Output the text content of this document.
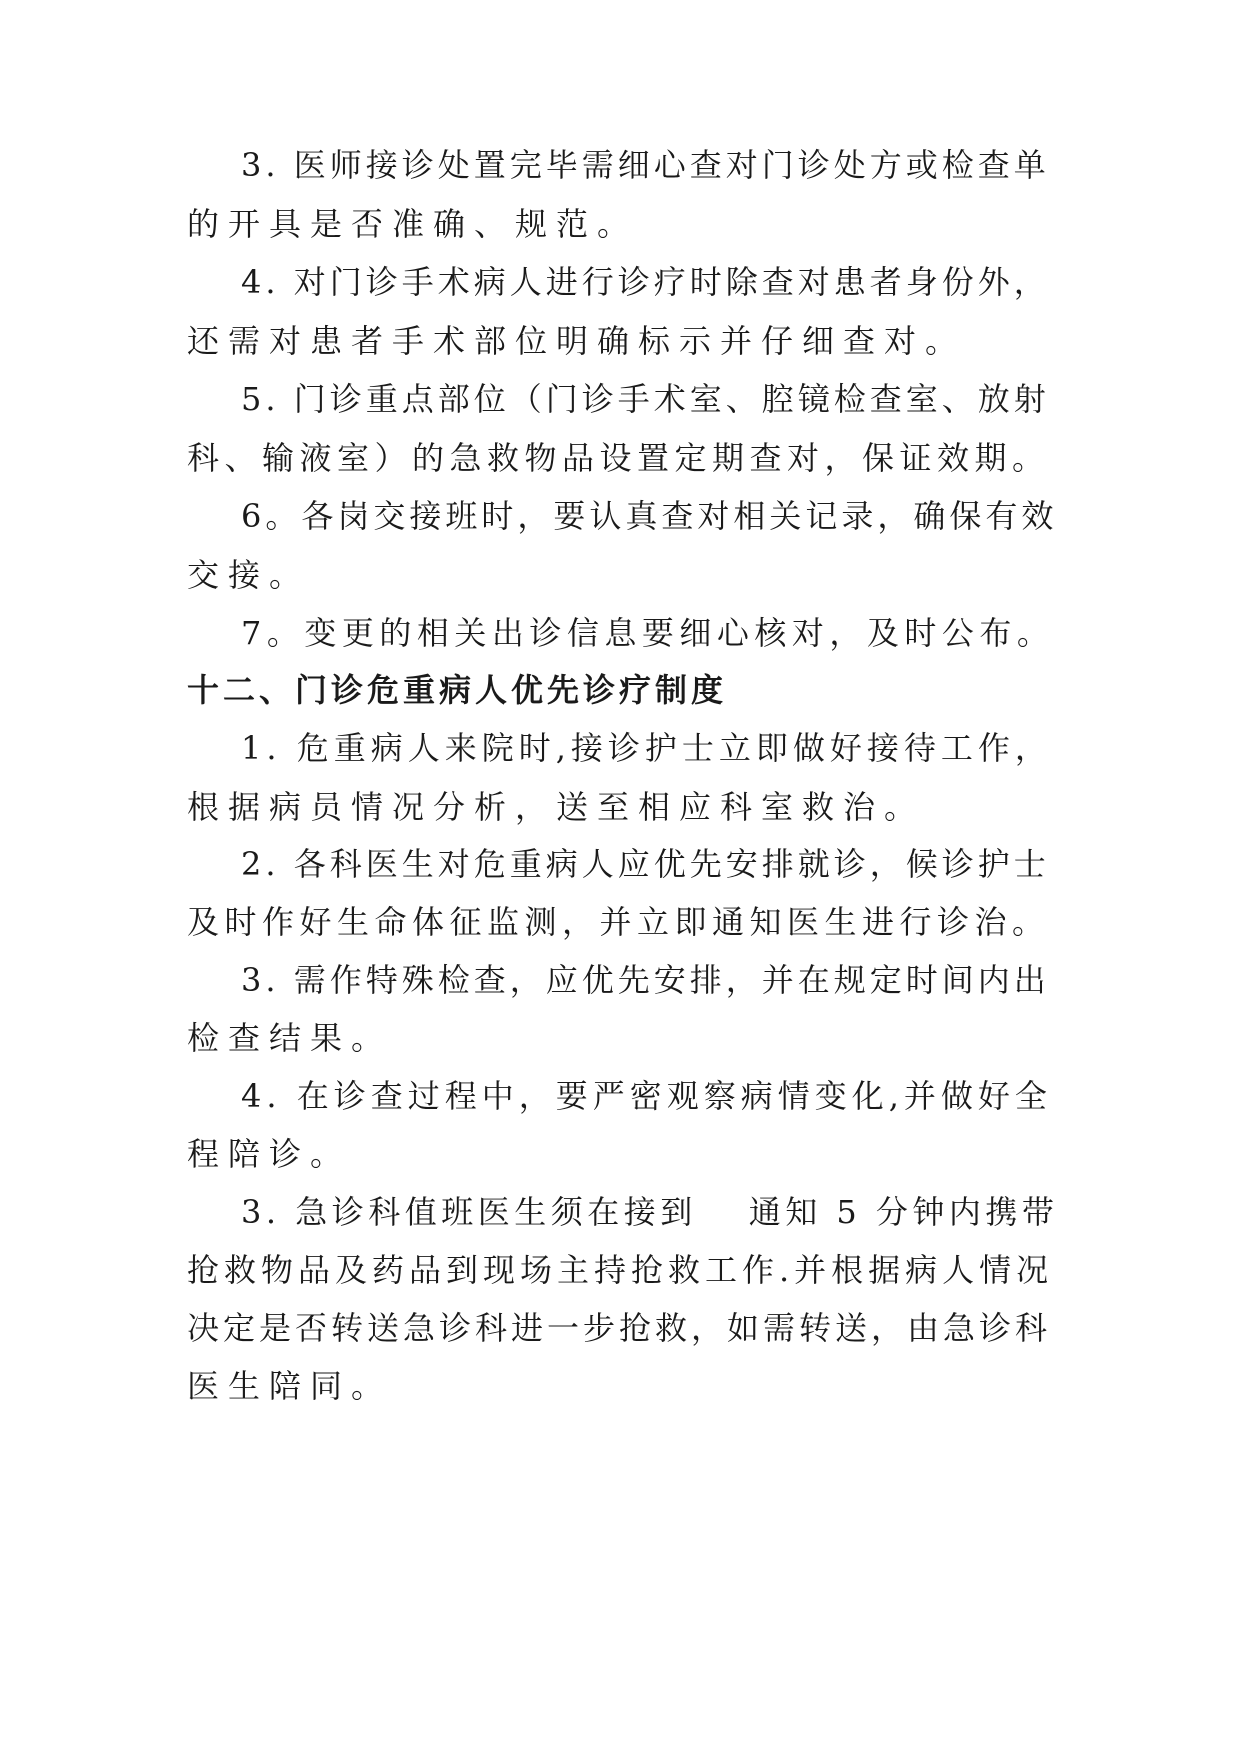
3. 医师接诊处置完毕需细心查对门诊处方或检查单
的开具是否准确、规范。
4. 对门诊手术病人进行诊疗时除查对患者身份外，
还需对患者手术部位明确标示并仔细查对。
5. 门诊重点部位（门诊手术室、腔镜检查室、放射
科、输液室）的急救物品设置定期查对，保证效期。
6。各岗交接班时，要认真查对相关记录，确保有效
交接。
7。变更的相关出诊信息要细心核对，及时公布。
十二、门诊危重病人优先诊疗制度
1. 危重病人来院时,接诊护士立即做好接待工作，
根据病员情况分析，送至相应科室救治。
2. 各科医生对危重病人应优先安排就诊，候诊护士
及时作好生命体征监测，并立即通知医生进行诊治。
3. 需作特殊检查，应优先安排，并在规定时间内出
检查结果。
4. 在诊查过程中，要严密观察病情变化,并做好全
程陪诊。
3. 急诊科值班医生须在接到 通知 5 分钟内携带
抢救物品及药品到现场主持抢救工作.并根据病人情况
决定是否转送急诊科进一步抢救，如需转送，由急诊科
医生陪同。
